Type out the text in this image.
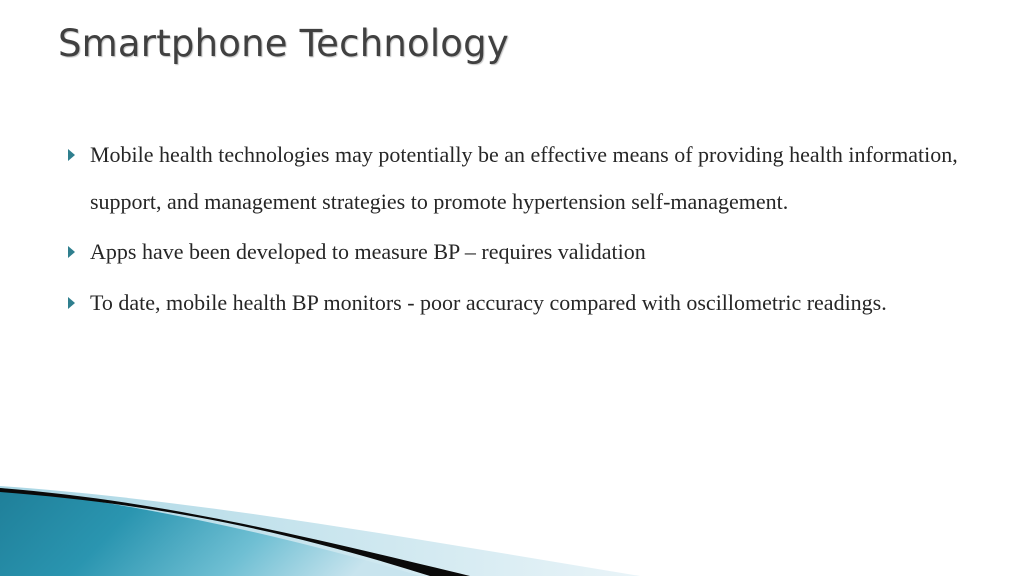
Smartphone Technology
Mobile health technologies may potentially be an effective means of providing health information, support, and management strategies to promote hypertension self-management.
Apps have been developed to measure BP – requires validation
To date, mobile health BP monitors - poor accuracy compared with oscillometric readings.
